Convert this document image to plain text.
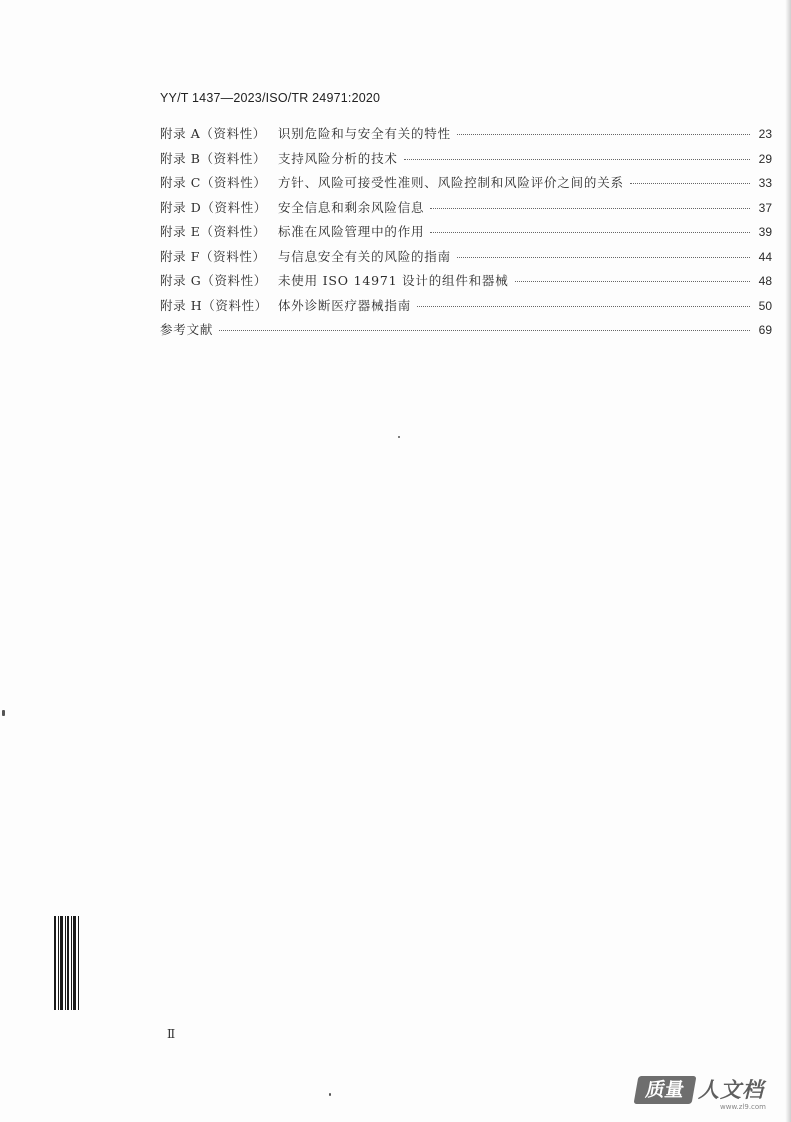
YY/T 1437—2023/ISO/TR 24971:2020
附录 A（资料性） 识别危险和与安全有关的特性	23
附录 B（资料性） 支持风险分析的技术	29
附录 C（资料性） 方针、风险可接受性准则、风险控制和风险评价之间的关系	33
附录 D（资料性） 安全信息和剩余风险信息	37
附录 E（资料性） 标准在风险管理中的作用	39
附录 F（资料性） 与信息安全有关的风险的指南	44
附录 G（资料性） 未使用 ISO 14971 设计的组件和器械	48
附录 H（资料性） 体外诊断医疗器械指南	50
参考文献	69
Ⅱ
质量 人文档
www.zl9.com
